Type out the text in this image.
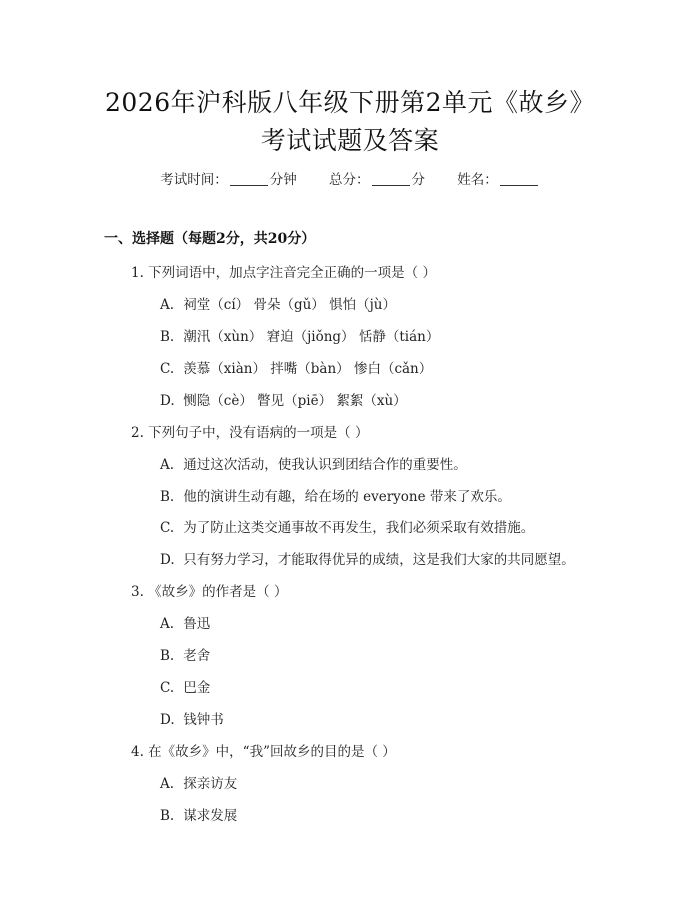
2026年沪科版八年级下册第2单元《故乡》
考试试题及答案
考试时间：	分钟 总分：	分 姓名：
一、选择题（每题2分，共20分）
1. 下列词语中，加点字注音完全正确的一项是（ ）
A. 祠堂（cí） 骨朵（gǔ） 惧怕（jù）
B. 潮汛（xùn） 窘迫（jiǒng） 恬静（tián）
C. 羡慕（xiàn） 拌嘴（bàn） 惨白（cǎn）
D. 恻隐（cè） 瞥见（piē） 絮絮（xù）
2. 下列句子中，没有语病的一项是（ ）
A. 通过这次活动，使我认识到团结合作的重要性。
B. 他的演讲生动有趣，给在场的 everyone 带来了欢乐。
C. 为了防止这类交通事故不再发生，我们必须采取有效措施。
D. 只有努力学习，才能取得优异的成绩，这是我们大家的共同愿望。
3. 《故乡》的作者是（ ）
A. 鲁迅
B. 老舍
C. 巴金
D. 钱钟书
4. 在《故乡》中，“我”回故乡的目的是（ ）
A. 探亲访友
B. 谋求发展
